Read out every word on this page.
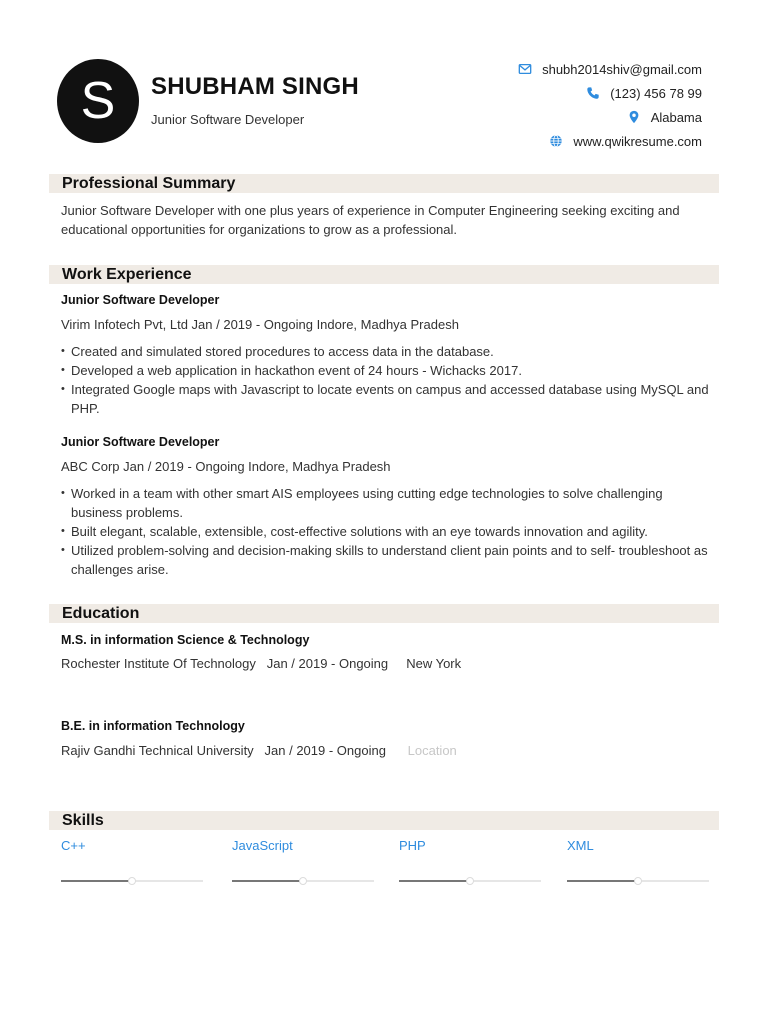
S	SHUBHAM SINGH
Junior Software Developer
shubh2014shiv@gmail.com
(123) 456 78 99
Alabama
www.qwikresume.com
Professional Summary
Junior Software Developer with one plus years of experience in Computer Engineering seeking exciting and educational opportunities for organizations to grow as a professional.
Work Experience
Junior Software Developer
Virim Infotech Pvt, Ltd Jan / 2019 - Ongoing Indore, Madhya Pradesh
• Created and simulated stored procedures to access data in the database.
• Developed a web application in hackathon event of 24 hours - Wichacks 2017.
• Integrated Google maps with Javascript to locate events on campus and accessed database using MySQL and PHP.
Junior Software Developer
ABC Corp Jan / 2019 - Ongoing Indore, Madhya Pradesh
• Worked in a team with other smart AIS employees using cutting edge technologies to solve challenging business problems.
• Built elegant, scalable, extensible, cost-effective solutions with an eye towards innovation and agility.
• Utilized problem-solving and decision-making skills to understand client pain points and to self- troubleshoot as challenges arise.
Education
M.S. in information Science & Technology
Rochester Institute Of Technology Jan / 2019 - Ongoing New York
B.E. in information Technology
Rajiv Gandhi Technical University Jan / 2019 - Ongoing Location
Skills
C++	JavaScript	PHP	XML
